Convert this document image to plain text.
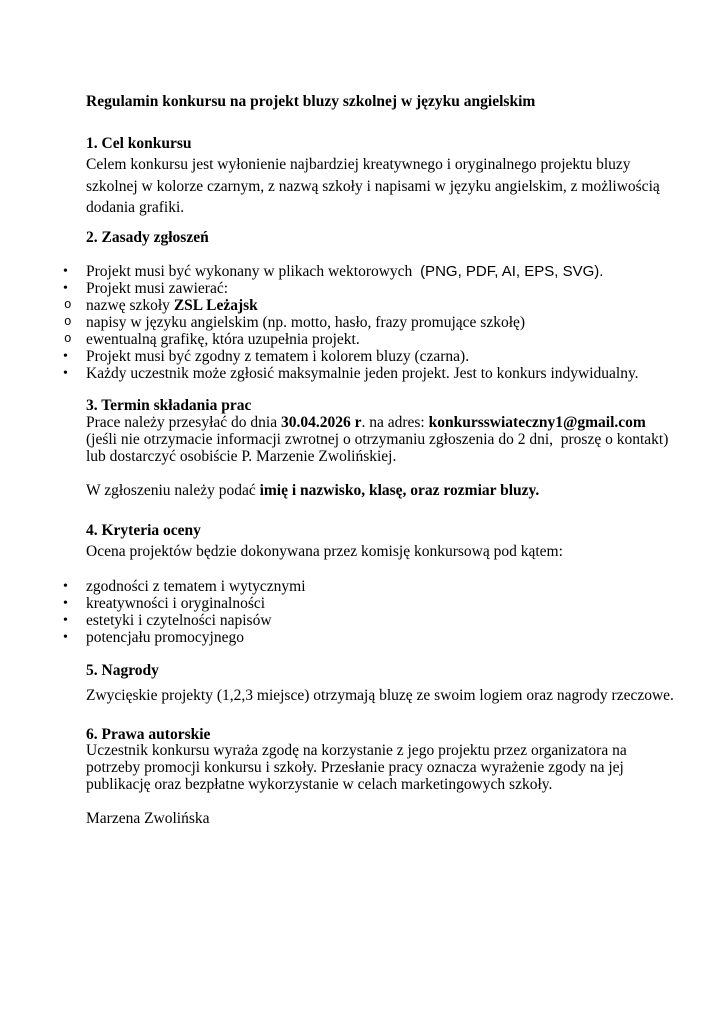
Regulamin konkursu na projekt bluzy szkolnej w języku angielskim
1. Cel konkursu
Celem konkursu jest wyłonienie najbardziej kreatywnego i oryginalnego projektu bluzy
szkolnej w kolorze czarnym, z nazwą szkoły i napisami w języku angielskim, z możliwością
dodania grafiki.
2. Zasady zgłoszeń
•	Projekt musi być wykonany w plikach wektorowych  (PNG, PDF, AI, EPS, SVG).
•	Projekt musi zawierać:
o nazwę szkoły ZSL Leżajsk
o napisy w języku angielskim (np. motto, hasło, frazy promujące szkołę)
o ewentualną grafikę, która uzupełnia projekt.
•	Projekt musi być zgodny z tematem i kolorem bluzy (czarna).
•	Każdy uczestnik może zgłosić maksymalnie jeden projekt. Jest to konkurs indywidualny.
3. Termin składania prac
Prace należy przesyłać do dnia 30.04.2026 r. na adres: konkursswiateczny1@gmail.com
(jeśli nie otrzymacie informacji zwrotnej o otrzymaniu zgłoszenia do 2 dni,  proszę o kontakt)
lub dostarczyć osobiście P. Marzenie Zwolińskiej.
W zgłoszeniu należy podać imię i nazwisko, klasę, oraz rozmiar bluzy.
4. Kryteria oceny
Ocena projektów będzie dokonywana przez komisję konkursową pod kątem:
•	zgodności z tematem i wytycznymi
•	kreatywności i oryginalności
•	estetyki i czytelności napisów
•	potencjału promocyjnego
5. Nagrody
Zwycięskie projekty (1,2,3 miejsce) otrzymają bluzę ze swoim logiem oraz nagrody rzeczowe.
6. Prawa autorskie
Uczestnik konkursu wyraża zgodę na korzystanie z jego projektu przez organizatora na
potrzeby promocji konkursu i szkoły. Przesłanie pracy oznacza wyrażenie zgody na jej
publikację oraz bezpłatne wykorzystanie w celach marketingowych szkoły.
Marzena Zwolińska
